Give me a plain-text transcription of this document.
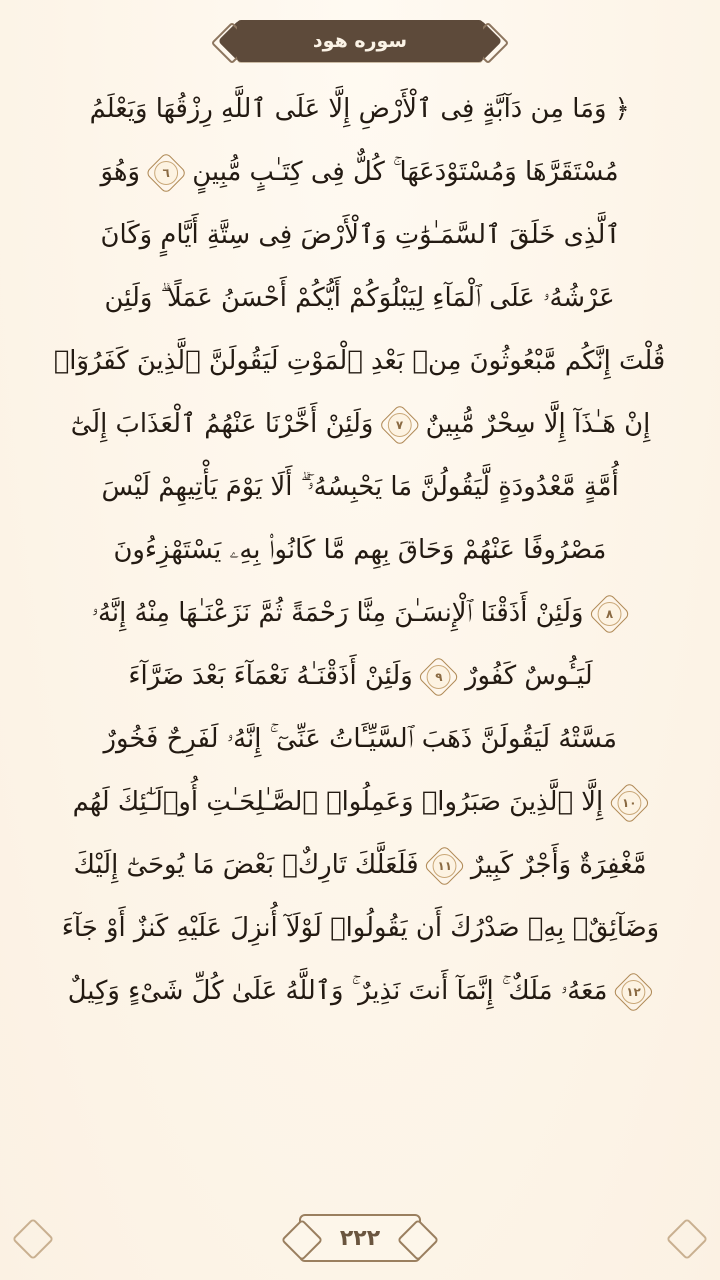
سوره هود
﴿ وَمَا مِن دَآبَّةٍ فِى ٱلْأَرْضِ إِلَّا عَلَى ٱللَّهِ رِزْقُهَا وَيَعْلَمُ
مُسْتَقَرَّهَا وَمُسْتَوْدَعَهَا ۚ كُلٌّ فِى كِتَـٰبٍ مُّبِينٍ ٦ وَهُوَ
ٱلَّذِى خَلَقَ ٱلسَّمَـٰوَٰتِ وَٱلْأَرْضَ فِى سِتَّةِ أَيَّامٍ وَكَانَ
عَرْشُهُۥ عَلَى ٱلْمَآءِ لِيَبْلُوَكُمْ أَيُّكُمْ أَحْسَنُ عَمَلًا ۗ وَلَئِن
قُلْتَ إِنَّكُم مَّبْعُوثُونَ مِنۢ بَعْدِ ٱلْمَوْتِ لَيَقُولَنَّ ٱلَّذِينَ كَفَرُوٓا۟
إِنْ هَـٰذَآ إِلَّا سِحْرٌ مُّبِينٌ ٧ وَلَئِنْ أَخَّرْنَا عَنْهُمُ ٱلْعَذَابَ إِلَىٰٓ
أُمَّةٍ مَّعْدُودَةٍ لَّيَقُولُنَّ مَا يَحْبِسُهُۥٓ ۗ أَلَا يَوْمَ يَأْتِيهِمْ لَيْسَ
مَصْرُوفًا عَنْهُمْ وَحَاقَ بِهِم مَّا كَانُوا۟ بِهِۦ يَسْتَهْزِءُونَ
٨ وَلَئِنْ أَذَقْنَا ٱلْإِنسَـٰنَ مِنَّا رَحْمَةً ثُمَّ نَزَعْنَـٰهَا مِنْهُ إِنَّهُۥ
لَيَـُٔوسٌ كَفُورٌ ٩ وَلَئِنْ أَذَقْنَـٰهُ نَعْمَآءَ بَعْدَ ضَرَّآءَ
مَسَّتْهُ لَيَقُولَنَّ ذَهَبَ ٱلسَّيِّـَٔاتُ عَنِّىٓ ۚ إِنَّهُۥ لَفَرِحٌ فَخُورٌ
١٠ إِلَّا ٱلَّذِينَ صَبَرُوا۟ وَعَمِلُوا۟ ٱلصَّـٰلِحَـٰتِ أُو۟لَـٰٓئِكَ لَهُم
مَّغْفِرَةٌ وَأَجْرٌ كَبِيرٌ ١١ فَلَعَلَّكَ تَارِكٌۢ بَعْضَ مَا يُوحَىٰٓ إِلَيْكَ
وَضَآئِقٌۢ بِهِۦ صَدْرُكَ أَن يَقُولُوا۟ لَوْلَآ أُنزِلَ عَلَيْهِ كَنزٌ أَوْ جَآءَ
١٢ مَعَهُۥ مَلَكٌ ۚ إِنَّمَآ أَنتَ نَذِيرٌ ۚ وَٱللَّهُ عَلَىٰ كُلِّ شَىْءٍ وَكِيلٌ
٢٢٢
